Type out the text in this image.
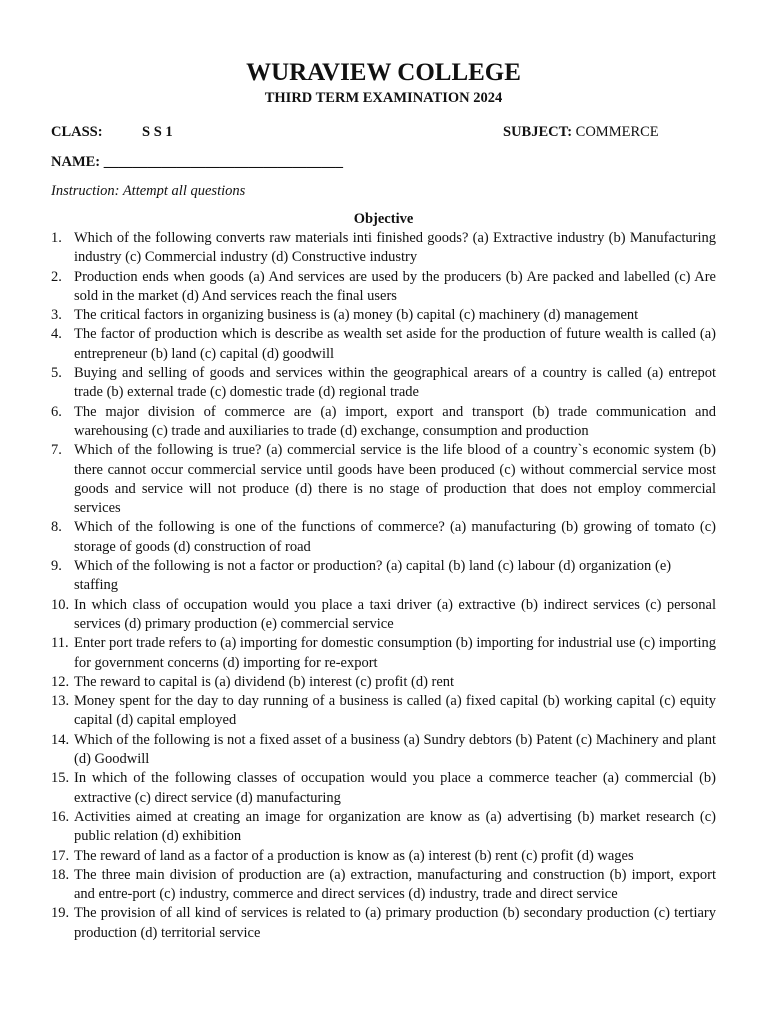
WURAVIEW COLLEGE
THIRD TERM EXAMINATION 2024
CLASS:	S S 1	SUBJECT: COMMERCE
NAME: _________________________________
Instruction: Attempt all questions
Objective
1. Which of the following converts raw materials inti finished goods? (a) Extractive industry (b) Manufacturing industry (c) Commercial industry (d) Constructive industry
2. Production ends when goods (a) And services are used by the producers (b) Are packed and labelled (c) Are sold in the market (d) And services reach the final users
3. The critical factors in organizing business is (a) money (b) capital (c) machinery (d) management
4. The factor of production which is describe as wealth set aside for the production of future wealth is called (a) entrepreneur (b) land (c) capital (d) goodwill
5. Buying and selling of goods and services within the geographical arears of a country is called (a) entrepot trade (b) external trade (c) domestic trade (d) regional trade
6. The major division of commerce are (a) import, export and transport (b) trade communication and warehousing (c) trade and auxiliaries to trade (d) exchange, consumption and production
7. Which of the following is true? (a) commercial service is the life blood of a country`s economic system (b) there cannot occur commercial service until goods have been produced (c) without commercial service most goods and service will not produce (d) there is no stage of production that does not employ commercial services
8. Which of the following is one of the functions of commerce? (a) manufacturing (b) growing of tomato (c) storage of goods (d) construction of road
9. Which of the following is not a factor or production? (a) capital (b) land (c) labour (d) organization (e)             staffing
10. In which class of occupation would you place a taxi driver (a) extractive (b) indirect services (c) personal services (d) primary production (e) commercial service
11. Enter port trade refers to (a) importing for domestic consumption (b) importing for industrial use (c) importing for government concerns (d) importing for re-export
12. The reward to capital is (a) dividend (b) interest (c) profit (d) rent
13. Money spent for the day to day running of a business is called (a) fixed capital (b) working capital (c) equity capital (d) capital employed
14. Which of the following is not a fixed asset of a business (a) Sundry debtors (b) Patent (c) Machinery and plant (d) Goodwill
15. In which of the following classes of occupation would you place a commerce teacher (a) commercial (b) extractive (c) direct service (d) manufacturing
16. Activities aimed at creating an image for organization are know as (a) advertising (b) market research (c) public relation (d) exhibition
17. The reward of land as a factor of a production is know as (a) interest (b) rent (c) profit (d) wages
18. The three main division of production are (a) extraction, manufacturing and construction (b) import, export and entre-port (c) industry, commerce and direct services (d) industry, trade and direct service
19. The provision of all kind of services is related to (a) primary production (b) secondary production (c) tertiary production (d) territorial service
